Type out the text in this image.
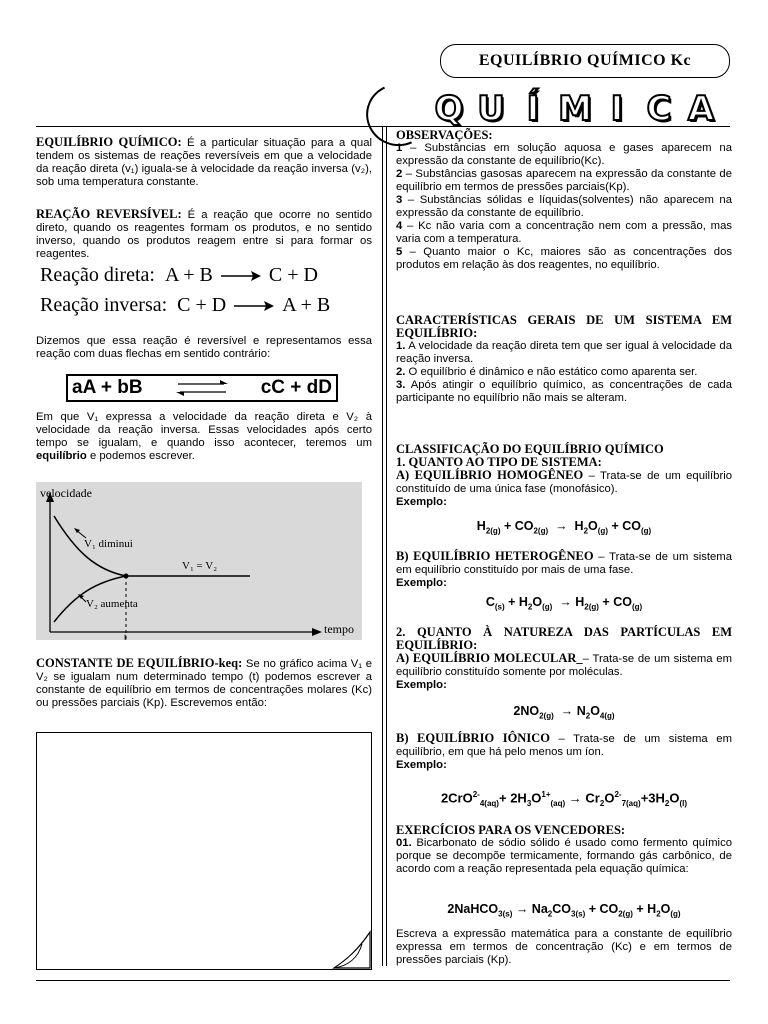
EQUILÍBRIO QUÍMICO Kc
Q U Í M I C A

EQUILÍBRIO QUÍMICO: É a particular situação para a qual tendem os sistemas de reações reversíveis em que a velocidade da reação direta (v₁) iguala-se à velocidade da reação inversa (v₂), sob uma temperatura constante.

REAÇÃO REVERSÍVEL: É a reação que ocorre no sentido direto, quando os reagentes formam os produtos, e no sentido inverso, quando os produtos reagem entre si para formar os reagentes.

Reação direta: A + B	C + D
Reação inversa: C + D	A + B

Dizemos que essa reação é reversível e representamos essa reação com duas flechas em sentido contrário:

aA + bB	cC + dD

Em que V₁ expressa a velocidade da reação direta e V₂ à velocidade da reação inversa. Essas velocidades após certo tempo se igualam, e quando isso acontecer, teremos um equilíbrio e podemos escrever.

velocidade
V₁ diminui
V₁ = V₂
V₂ aumenta
tempo
t

CONSTANTE DE EQUILÍBRIO-keq: Se no gráfico acima V₁ e V₂ se igualam num determinado tempo (t) podemos escrever a constante de equilíbrio em termos de concentrações molares (Kc) ou pressões parciais (Kp). Escrevemos então:

OBSERVAÇÕES:

1 – Substâncias em solução aquosa e gases aparecem na expressão da constante de equilíbrio(Kc).

2 – Substâncias gasosas aparecem na expressão da constante de equilíbrio em termos de pressões parciais(Kp).

3 – Substâncias sólidas e líquidas(solventes) não aparecem na expressão da constante de equilíbrio.

4 – Kc não varia com a concentração nem com a pressão, mas varia com a temperatura.

5 – Quanto maior o Kc, maiores são as concentrações dos produtos em relação às dos reagentes, no equilíbrio.

CARACTERÍSTICAS GERAIS DE UM SISTEMA EM EQUILÍBRIO:

1. A velocidade da reação direta tem que ser igual à velocidade da reação inversa.

2. O equilíbrio é dinâmico e não estático como aparenta ser.

3. Após atingir o equilíbrio químico, as concentrações de cada participante no equilíbrio não mais se alteram.

CLASSIFICAÇÃO DO EQUILÍBRIO QUÍMICO
1. QUANTO AO TIPO DE SISTEMA:

A) EQUILÍBRIO HOMOGÊNEO – Trata-se de um equilíbrio constituído de uma única fase (monofásico).

Exemplo:
$H_{2(g)} + CO_{2(g)} \to H_2O_{(g)} + CO_{(g)}$

B) EQUILÍBRIO HETEROGÊNEO – Trata-se de um sistema em equilíbrio constituído por mais de uma fase.

Exemplo:
$C_{(s)} + H_2O_{(g)} \to H_{2(g)} + CO_{(g)}$

2. QUANTO À NATUREZA DAS PARTÍCULAS EM EQUILÍBRIO:

A) EQUILÍBRIO MOLECULAR_– Trata-se de um sistema em equilíbrio constituído somente por moléculas.

Exemplo:
$2NO_{2(g)} \to N_2O_{4(g)}$

B) EQUILÍBRIO IÔNICO – Trata-se de um sistema em equilíbrio, em que há pelo menos um íon.

Exemplo:
$2CrO^{2-}_{4(aq)}+ 2H_3O^{1+}_{(aq)} \to Cr_2O^{2-}_{7(aq)}+3H_2O_{(l)}$
EXERCÍCIOS PARA OS VENCEDORES:

01. Bicarbonato de sódio sólido é usado como fermento químico porque se decompõe termicamente, formando gás carbônico, de acordo com a reação representada pela equação química:

2NaHCO$_{3(s)}$ → $Na_2CO_{3(s)} + CO_{2(g)} + H_2O_{(g)}$

Escreva a expressão matemática para a constante de equilíbrio expressa em termos de concentração (Kc) e em termos de pressões parciais (Kp).
